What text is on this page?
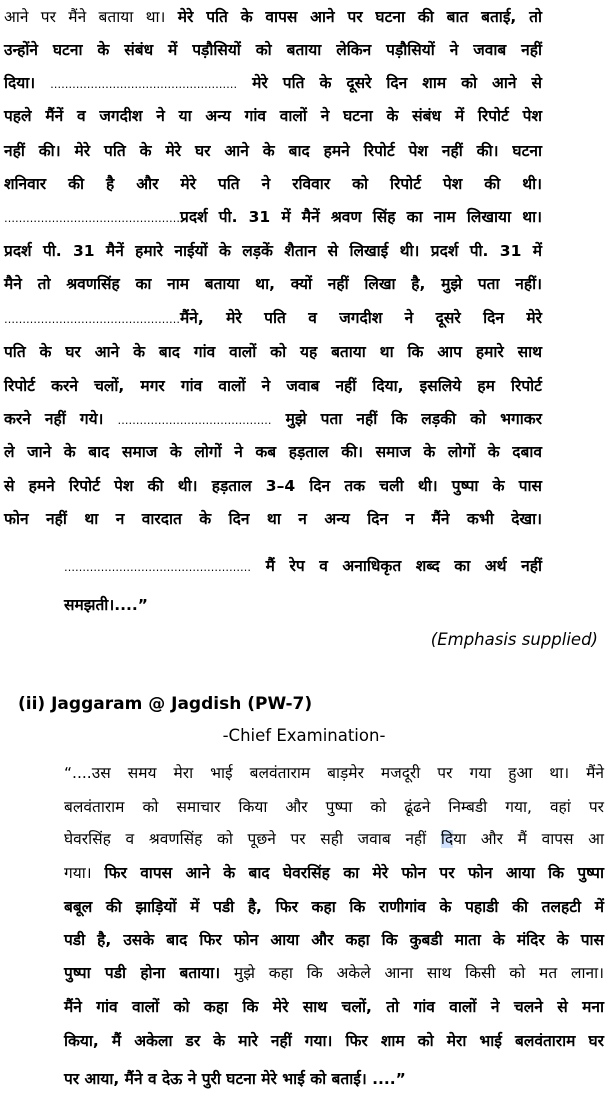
आने पर मैंने बताया था। मेरे पति के वापस आने पर घटना की बात बताई, तो
उन्होंने घटना के संबंध में पड़ौसियों को बताया लेकिन पड़ौसियों ने जवाब नहीं
दिया। …………………………………………… मेरे पति के दूसरे दिन शाम को आने से
पहले मैंनें व जगदीश ने या अन्य गांव वालों ने घटना के संबंध में रिपोर्ट पेश
नहीं की। मेरे पति के मेरे घर आने के बाद हमने रिपोर्ट पेश नहीं की। घटना
शनिवार की है और मेरे पति ने रविवार को रिपोर्ट पेश की थी।
…………………………………………प्रदर्श पी. 31 में मैनें श्रवण सिंह का नाम लिखाया था।
प्रदर्श पी. 31 मैनें हमारे नाईयों के लड़कें शैतान से लिखाई थी। प्रदर्श पी. 31 में
मैने तो श्रवणसिंह का नाम बताया था, क्यों नहीं लिखा है, मुझे पता नहीं।
…………………………………………मैंने, मेरे पति व जगदीश ने दूसरे दिन मेरे
पति के घर आने के बाद गांव वालों को यह बताया था कि आप हमारे साथ
रिपोर्ट करने चलों, मगर गांव वालों ने जवाब नहीं दिया, इसलिये हम रिपोर्ट
करने नहीं गये। …………………………………… मुझे पता नहीं कि लड़की को भगाकर
ले जाने के बाद समाज के लोगों ने कब हड़ताल की। समाज के लोगों के दबाव
से हमने रिपोर्ट पेश की थी। हड़ताल 3–4 दिन तक चली थी। पुष्पा के पास
फोन नहीं था न वारदात के दिन था न अन्य दिन न मैंने कभी देखा।
…………………………………………… मैं रेप व अनाधिकृत शब्द का अर्थ नहीं
समझती।....”
(Emphasis supplied)
(ii) Jaggaram @ Jagdish (PW-7)
-Chief Examination-
“....उस समय मेरा भाई बलवंताराम बाड़मेर मजदूरी पर गया हुआ था। मैंने
बलवंताराम को समाचार किया और पुष्पा को ढूंढने निम्बडी गया, वहां पर
घेवरसिंह व श्रवणसिंह को पूछने पर सही जवाब नहीं दिया और मैं वापस आ
गया। फिर वापस आने के बाद घेवरसिंह का मेरे फोन पर फोन आया कि पुष्पा
बबूल की झाड़ियों में पडी है, फिर कहा कि राणीगांव के पहाडी की तलहटी में
पडी है, उसके बाद फिर फोन आया और कहा कि कुबडी माता के मंदिर के पास
पुष्पा पडी होना बताया। मुझे कहा कि अकेले आना साथ किसी को मत लाना।
मैंने गांव वालों को कहा कि मेरे साथ चलों, तो गांव वालों ने चलने से मना
किया, मैं अकेला डर के मारे नहीं गया। फिर शाम को मेरा भाई बलवंताराम घर
पर आया, मैंने व देऊ ने पुरी घटना मेरे भाई को बताई। ....”
